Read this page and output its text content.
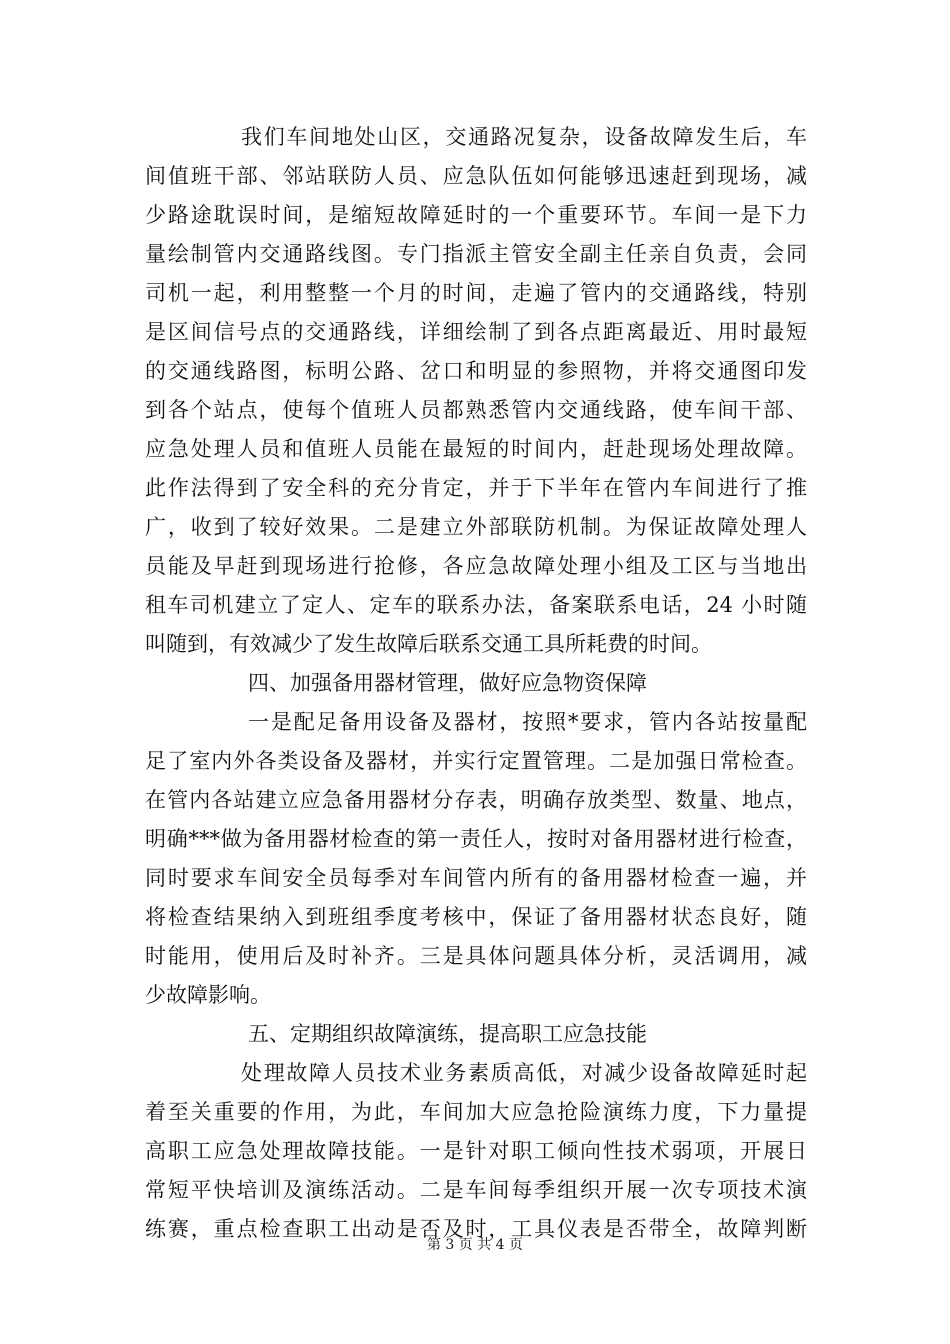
我们车间地处山区，交通路况复杂，设备故障发生后，车
间值班干部、邻站联防人员、应急队伍如何能够迅速赶到现场，减
少路途耽误时间，是缩短故障延时的一个重要环节。车间一是下力
量绘制管内交通路线图。专门指派主管安全副主任亲自负责，会同
司机一起，利用整整一个月的时间，走遍了管内的交通路线，特别
是区间信号点的交通路线，详细绘制了到各点距离最近、用时最短
的交通线路图，标明公路、岔口和明显的参照物，并将交通图印发
到各个站点，使每个值班人员都熟悉管内交通线路，使车间干部、
应急处理人员和值班人员能在最短的时间内，赶赴现场处理故障。
此作法得到了安全科的充分肯定，并于下半年在管内车间进行了推
广，收到了较好效果。二是建立外部联防机制。为保证故障处理人
员能及早赶到现场进行抢修，各应急故障处理小组及工区与当地出
租车司机建立了定人、定车的联系办法，备案联系电话，24 小时随
叫随到，有效减少了发生故障后联系交通工具所耗费的时间。
四、加强备用器材管理，做好应急物资保障
一是配足备用设备及器材，按照*要求，管内各站按量配
足了室内外各类设备及器材，并实行定置管理。二是加强日常检查。
在管内各站建立应急备用器材分存表，明确存放类型、数量、地点，
明确***做为备用器材检查的第一责任人，按时对备用器材进行检查，
同时要求车间安全员每季对车间管内所有的备用器材检查一遍，并
将检查结果纳入到班组季度考核中，保证了备用器材状态良好，随
时能用，使用后及时补齐。三是具体问题具体分析，灵活调用，减
少故障影响。
五、定期组织故障演练，提高职工应急技能
处理故障人员技术业务素质高低，对减少设备故障延时起
着至关重要的作用，为此，车间加大应急抢险演练力度，下力量提
高职工应急处理故障技能。一是针对职工倾向性技术弱项，开展日
常短平快培训及演练活动。二是车间每季组织开展一次专项技术演
练赛，重点检查职工出动是否及时，工具仪表是否带全，故障判断
第 3 页 共 4 页
